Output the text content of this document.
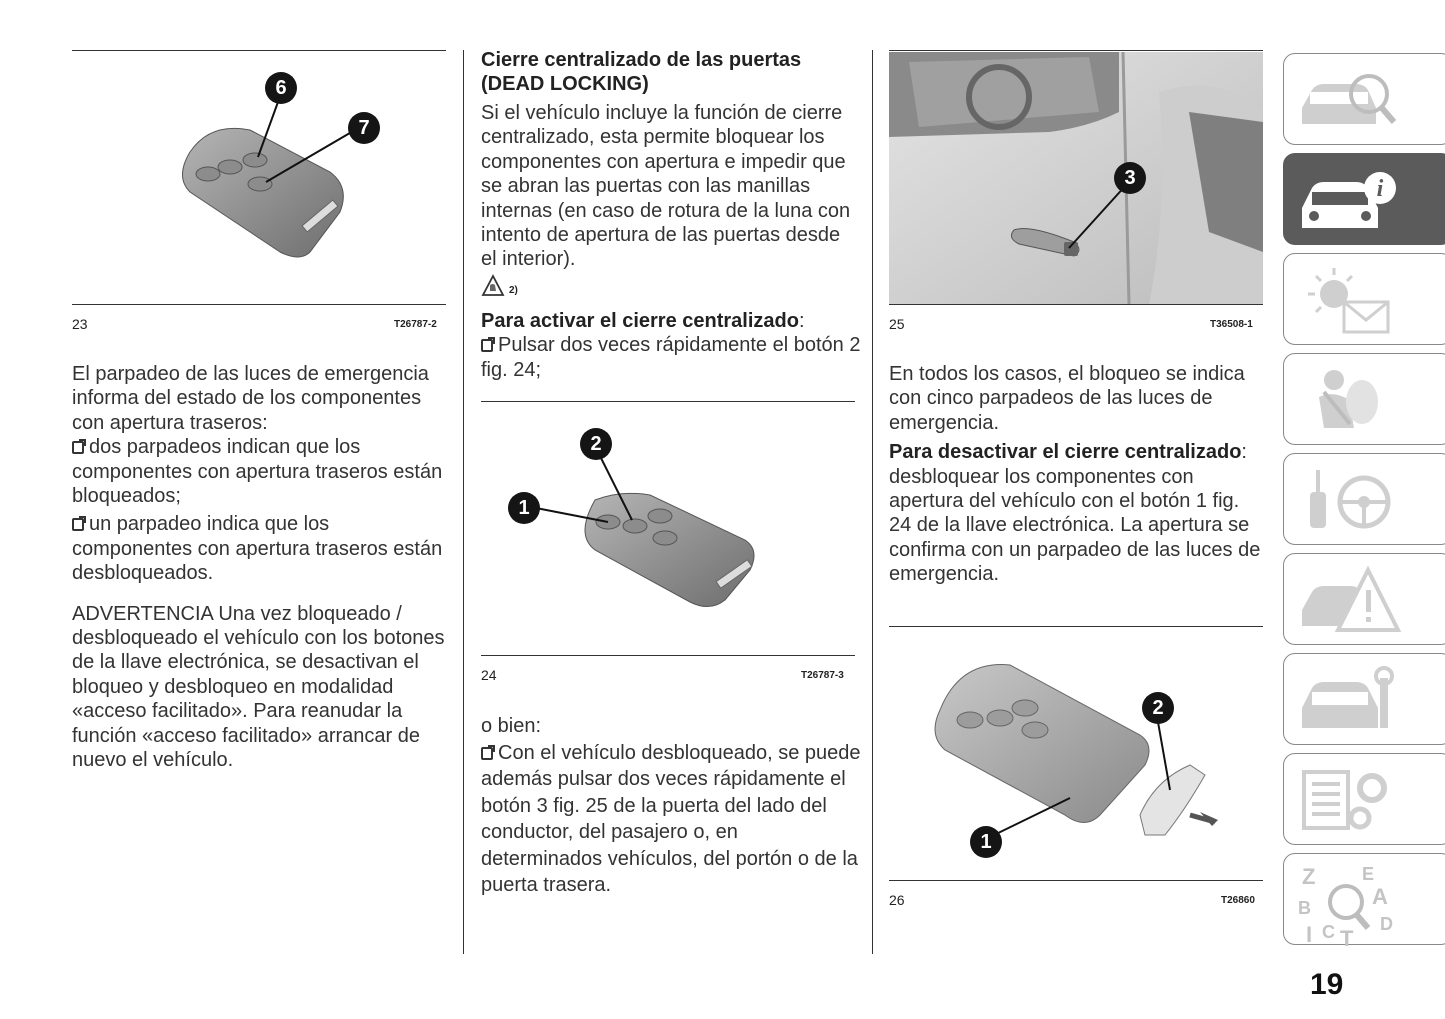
6
7
23	T26787-2

El parpadeo de las luces de emergencia informa del estado de los componentes con apertura traseros:

dos parpadeos indican que los componentes con apertura traseros están bloqueados;

un parpadeo indica que los componentes con apertura traseros están desbloqueados.

ADVERTENCIA Una vez bloqueado / desbloqueado el vehículo con los botones de la llave electrónica, se desactivan el bloqueo y desbloqueo en modalidad «acceso facilitado». Para reanudar la función «acceso facilitado» arrancar de nuevo el vehículo.

Cierre centralizado de las puertas (DEAD LOCKING)
Si el vehículo incluye la función de cierre centralizado, esta permite bloquear los componentes con apertura e impedir que se abran las puertas con las manillas internas (en caso de rotura de la luna con intento de apertura de las puertas desde el interior).
2)

Para activar el cierre centralizado:

Pulsar dos veces rápidamente el botón 2 fig. 24;

2
1
24	T26787-3

o bien:

Con el vehículo desbloqueado, se puede además pulsar dos veces rápidamente el botón 3 fig. 25 de la puerta del lado del conductor, del pasajero o, en determinados vehículos, del portón o de la puerta trasera.

3
25	T36508-1

En todos los casos, el bloqueo se indica con cinco parpadeos de las luces de emergencia.

Para desactivar el cierre centralizado: desbloquear los componentes con apertura del vehículo con el botón 1 fig. 24 de la llave electrónica. La apertura se confirma con un parpadeo de las luces de emergencia.

2
1
26	T26860
i
Z	E
B	A
I C T
D
19
